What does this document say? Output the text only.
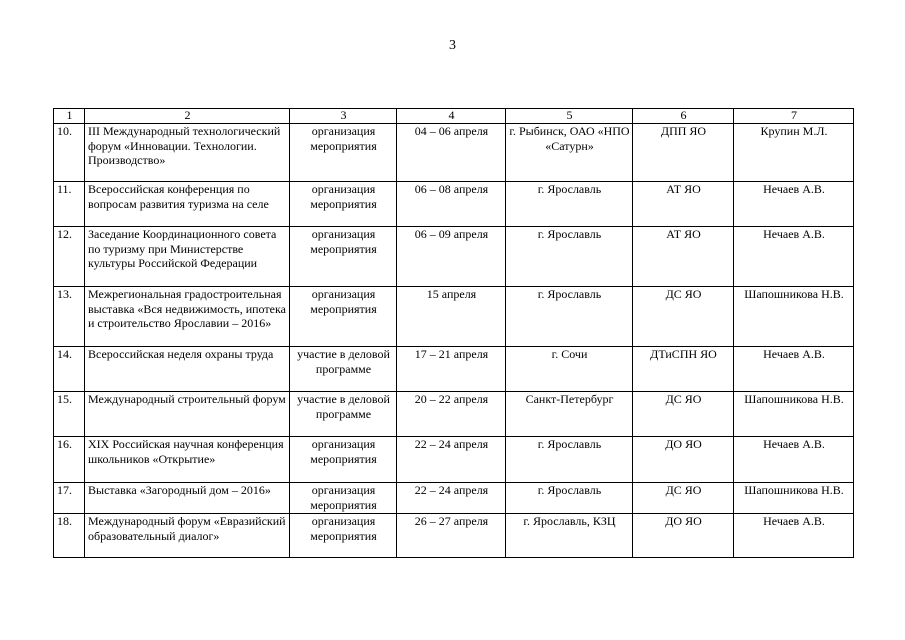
3
1	2	3	4	5	6	7
10.	III Международный технологический форум «Инновации. Технологии. Производство»	организация мероприятия	04 – 06 апреля	г. Рыбинск, ОАО «НПО «Сатурн»	ДПП ЯО	Крупин М.Л.
11.	Всероссийская конференция по вопросам развития туризма на селе	организация мероприятия	06 – 08 апреля	г. Ярославль	АТ ЯО	Нечаев А.В.
12.	Заседание Координационного совета по туризму при Министерстве культуры Российской Федерации	организация мероприятия	06 – 09 апреля	г. Ярославль	АТ ЯО	Нечаев А.В.
13.	Межрегиональная градостроительная выставка «Вся недвижимость, ипотека и строительство Ярославии – 2016»	организация мероприятия	15 апреля	г. Ярославль	ДС ЯО	Шапошникова Н.В.
14.	Всероссийская неделя охраны труда	участие в деловой программе	17 – 21 апреля	г. Сочи	ДТиСПН ЯО	Нечаев А.В.
15.	Международный строительный форум	участие в деловой программе	20 – 22 апреля	Санкт-Петербург	ДС ЯО	Шапошникова Н.В.
16.	XIX Российская научная конференция школьников «Открытие»	организация мероприятия	22 – 24 апреля	г. Ярославль	ДО ЯО	Нечаев А.В.
17.	Выставка «Загородный дом – 2016»	организация мероприятия	22 – 24 апреля	г. Ярославль	ДС ЯО	Шапошникова Н.В.
18.	Международный форум «Евразийский образовательный диалог»	организация мероприятия	26 – 27 апреля	г. Ярославль, КЗЦ	ДО ЯО	Нечаев А.В.
